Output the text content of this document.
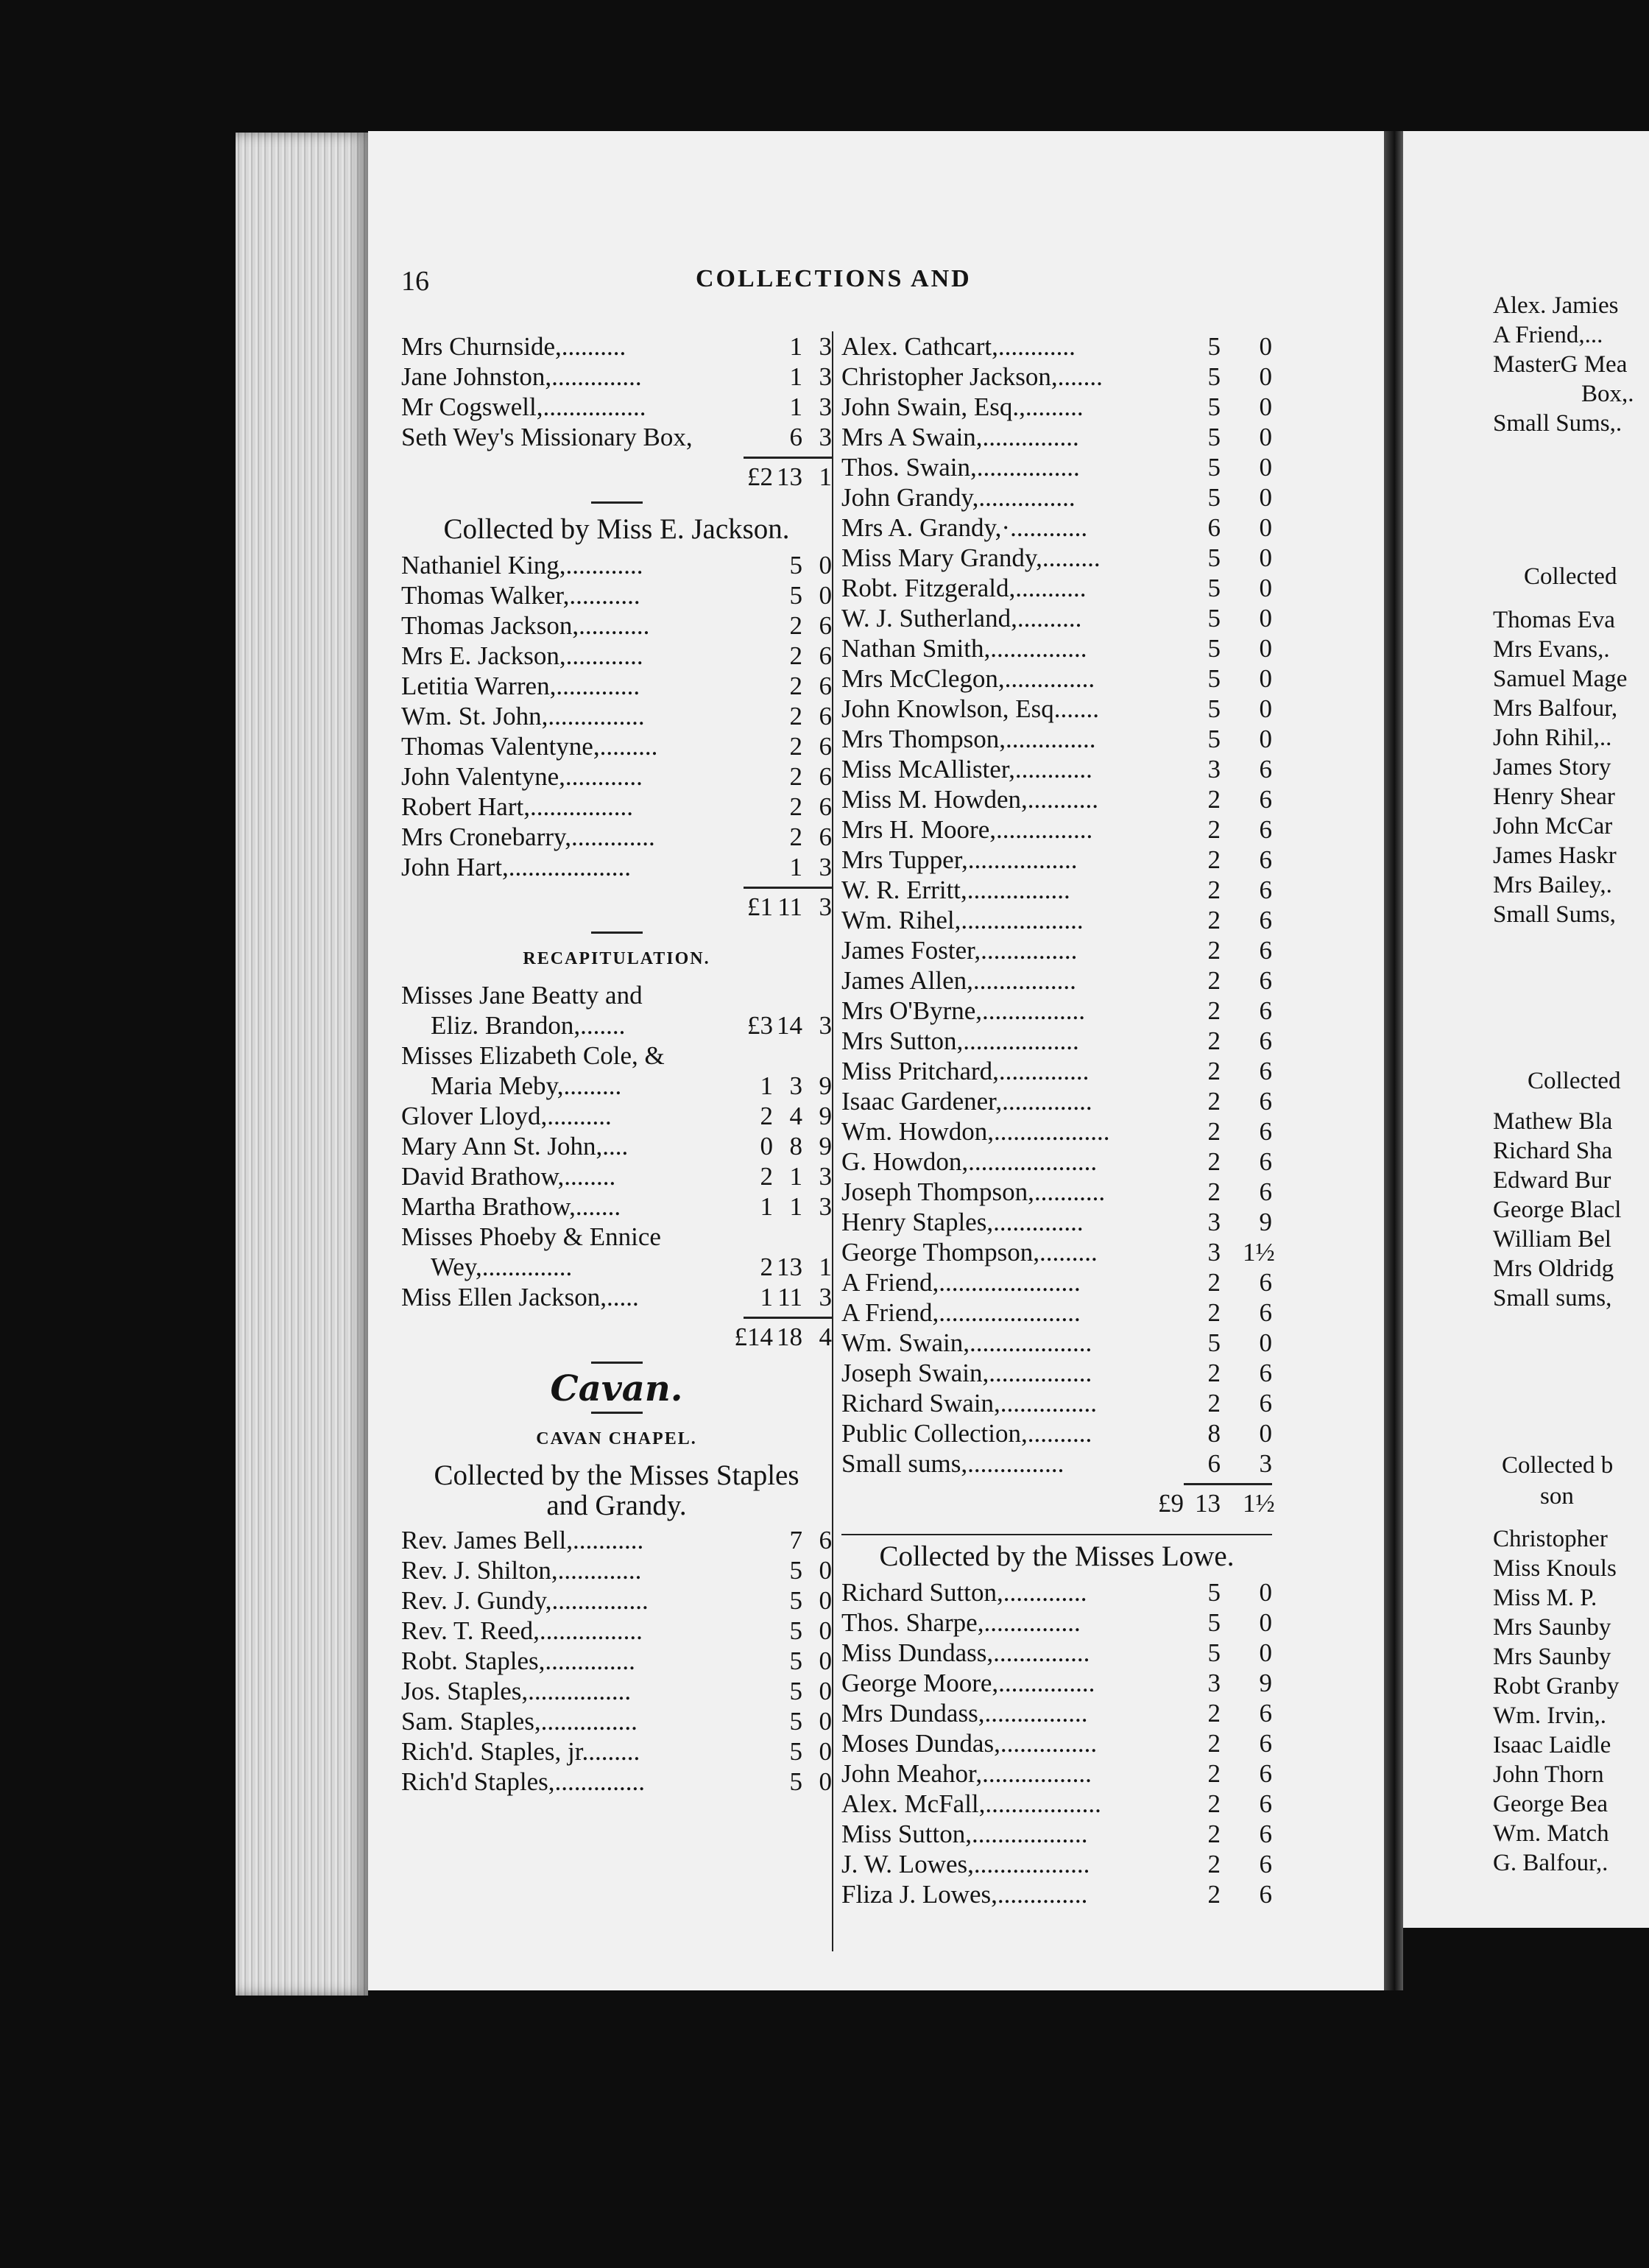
16	COLLECTIONS AND
Mrs Churnside,..........	1 3
Jane Johnston,..............	1 3
Mr Cogswell,................	1 3
Seth Wey's Missionary Box,	6 3
£2 13 1
Collected by Miss E. Jackson.
Nathaniel King,............	5 0
Thomas Walker,...........	5 0
Thomas Jackson,...........	2 6
Mrs E. Jackson,............	2 6
Letitia Warren,.............	2 6
Wm. St. John,...............	2 6
Thomas Valentyne,.........	2 6
John Valentyne,............	2 6
Robert Hart,................	2 6
Mrs Cronebarry,.............	2 6
John Hart,...................	1 3
£1 11 3
RECAPITULATION.
Misses Jane Beatty and
Eliz. Brandon,.......	£3 14 3
Misses Elizabeth Cole, &
Maria Meby,.........	1 3 9
Glover Lloyd,..........	2 4 9
Mary Ann St. John,....	0 8 9
David Brathow,........	2 1 3
Martha Brathow,.......	1 1 3
Misses Phoeby & Ennice
Wey,..............	2 13 1
Miss Ellen Jackson,.....	1 11 3
£14 18 4
Cavan.
CAVAN CHAPEL.
Collected by the Misses Staples
and Grandy.
Rev. James Bell,...........	7 6
Rev. J. Shilton,.............	5 0
Rev. J. Gundy,...............	5 0
Rev. T. Reed,................	5 0
Robt. Staples,..............	5 0
Jos. Staples,................	5 0
Sam. Staples,...............	5 0
Rich'd. Staples, jr.........	5 0
Rich'd Staples,..............	5 0
Alex. Cathcart,............	5	0
Christopher Jackson,.......	5	0
John Swain, Esq.,.........	5	0
Mrs A Swain,...............	5	0
Thos. Swain,................	5	0
John Grandy,...............	5	0
Mrs A. Grandy,·............	6	0
Miss Mary Grandy,.........	5	0
Robt. Fitzgerald,...........	5	0
W. J. Sutherland,..........	5	0
Nathan Smith,...............	5	0
Mrs McClegon,..............	5	0
John Knowlson, Esq.......	5	0
Mrs Thompson,..............	5	0
Miss McAllister,............	3	6
Miss M. Howden,...........	2	6
Mrs H. Moore,...............	2	6
Mrs Tupper,.................	2	6
W. R. Erritt,................	2	6
Wm. Rihel,...................	2	6
James Foster,...............	2	6
James Allen,................	2	6
Mrs O'Byrne,................	2	6
Mrs Sutton,..................	2	6
Miss Pritchard,..............	2	6
Isaac Gardener,..............	2	6
Wm. Howdon,..................	2	6
G. Howdon,....................	2	6
Joseph Thompson,...........	2	6
Henry Staples,..............	3	9
George Thompson,.........	3 1½
A Friend,......................	2	6
A Friend,......................	2	6
Wm. Swain,...................	5	0
Joseph Swain,................	2	6
Richard Swain,...............	2	6
Public Collection,..........	8	0
Small sums,...............	6	3
£9 13 1½
Collected by the Misses Lowe.
Richard Sutton,.............	5	0
Thos. Sharpe,...............	5	0
Miss Dundass,...............	5	0
George Moore,...............	3	9
Mrs Dundass,................	2	6
Moses Dundas,...............	2	6
John Meahor,.................	2	6
Alex. McFall,..................	2	6
Miss Sutton,..................	2	6
J. W. Lowes,..................	2	6
Fliza J. Lowes,..............	2	6
Alex. Jamies
A Friend,...
MasterG Mea
Box,.
Small Sums,.
Collected
Thomas Eva
Mrs Evans,.
Samuel Mage
Mrs Balfour,
John Rihil,..
James Story
Henry Shear
John McCar
James Haskr
Mrs Bailey,.
Small Sums,
Collected
Mathew Bla
Richard Sha
Edward Bur
George Blacl
William Bel
Mrs Oldridg
Small sums,
Collected b
son
Christopher
Miss Knouls
Miss M. P.
Mrs Saunby
Mrs Saunby
Robt Granby
Wm. Irvin,.
Isaac Laidle
John Thorn
George Bea
Wm. Match
G. Balfour,.
